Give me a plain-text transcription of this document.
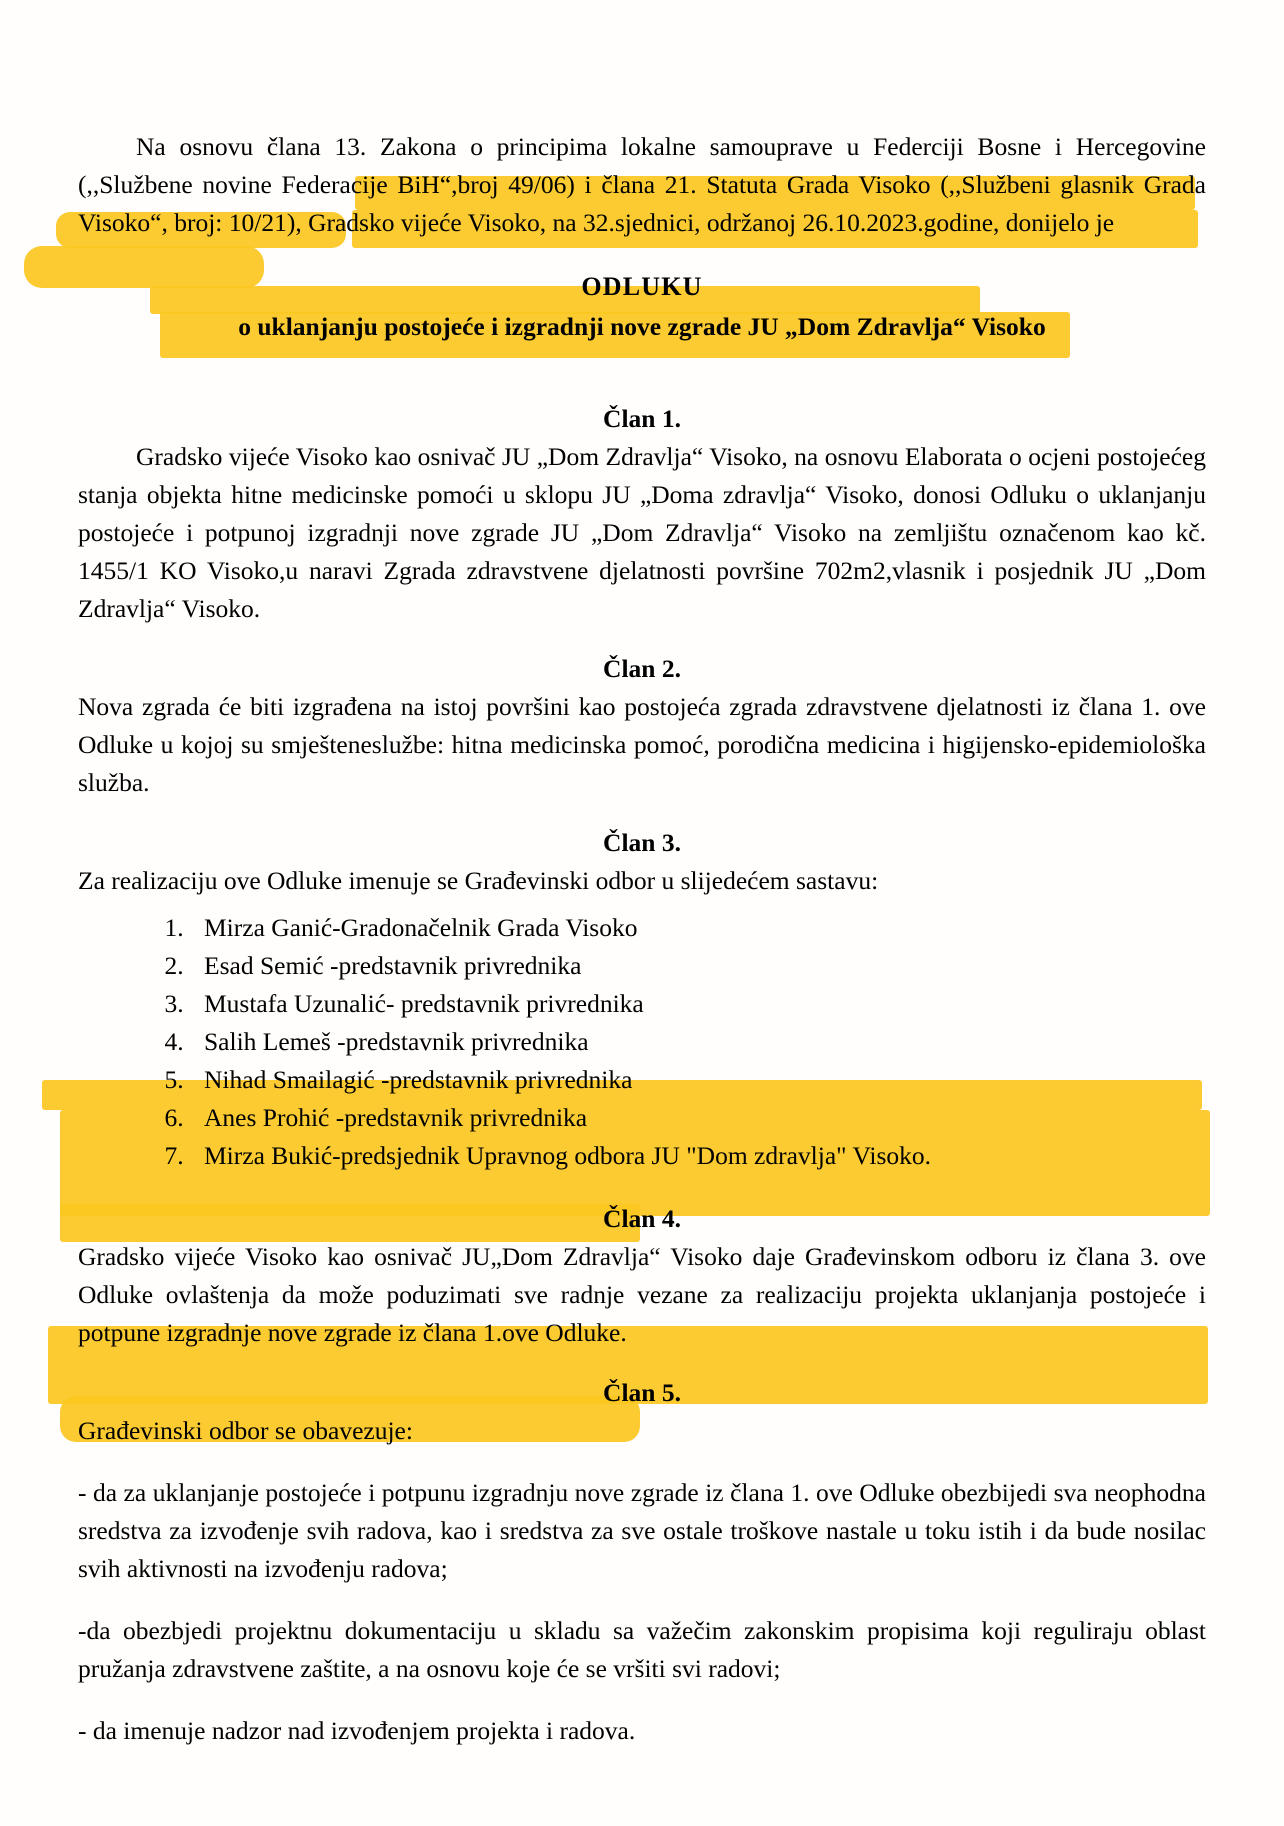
Na osnovu člana 13. Zakona o principima lokalne samouprave u Federciji Bosne i Hercegovine (,,Službene novine Federacije BiH“,broj 49/06) i člana 21. Statuta Grada Visoko (,,Službeni glasnik Grada Visoko“, broj: 10/21), Gradsko vijeće Visoko, na 32.sjednici, održanoj 26.10.2023.godine, donijelo je

ODLUKU
o uklanjanju postojeće i izgradnji nove zgrade JU „Dom Zdravlja“ Visoko
Član 1.

Gradsko vijeće Visoko kao osnivač JU „Dom Zdravlja“ Visoko, na osnovu Elaborata o ocjeni postojećeg stanja objekta hitne medicinske pomoći u sklopu JU „Doma zdravlja“ Visoko, donosi Odluku o uklanjanju postojeće i potpunoj izgradnji nove zgrade JU „Dom Zdravlja“ Visoko na zemljištu označenom kao kč. 1455/1 KO Visoko,u naravi Zgrada zdravstvene djelatnosti površine 702m2,vlasnik i posjednik JU „Dom Zdravlja“ Visoko.

Član 2.

Nova zgrada će biti izgrađena na istoj površini kao postojeća zgrada zdravstvene djelatnosti iz člana 1. ove Odluke u kojoj su smješteneslužbe: hitna medicinska pomoć, porodična medicina i higijensko-epidemiološka služba.

Član 3.

Za realizaciju ove Odluke imenuje se Građevinski odbor u slijedećem sastavu:

1. Mirza Ganić-Gradonačelnik Grada Visoko
2. Esad Semić -predstavnik privrednika
3. Mustafa Uzunalić- predstavnik privrednika
4. Salih Lemeš -predstavnik privrednika
5. Nihad Smailagić -predstavnik privrednika
6. Anes Prohić -predstavnik privrednika
7. Mirza Bukić-predsjednik Upravnog odbora JU "Dom zdravlja" Visoko.
Član 4.

Gradsko vijeće Visoko kao osnivač JU„Dom Zdravlja“ Visoko daje Građevinskom odboru iz člana 3. ove Odluke ovlaštenja da može poduzimati sve radnje vezane za realizaciju projekta uklanjanja postojeće i potpune izgradnje nove zgrade iz člana 1.ove Odluke.

Član 5.

Građevinski odbor se obavezuje:

- da za uklanjanje postojeće i potpunu izgradnju nove zgrade iz člana 1. ove Odluke obezbijedi sva neophodna sredstva za izvođenje svih radova, kao i sredstva za sve ostale troškove nastale u toku istih i da bude nosilac svih aktivnosti na izvođenju radova;

-da obezbjedi projektnu dokumentaciju u skladu sa važečim zakonskim propisima koji reguliraju oblast pružanja zdravstvene zaštite, a na osnovu koje će se vršiti svi radovi;

- da imenuje nadzor nad izvođenjem projekta i radova.
